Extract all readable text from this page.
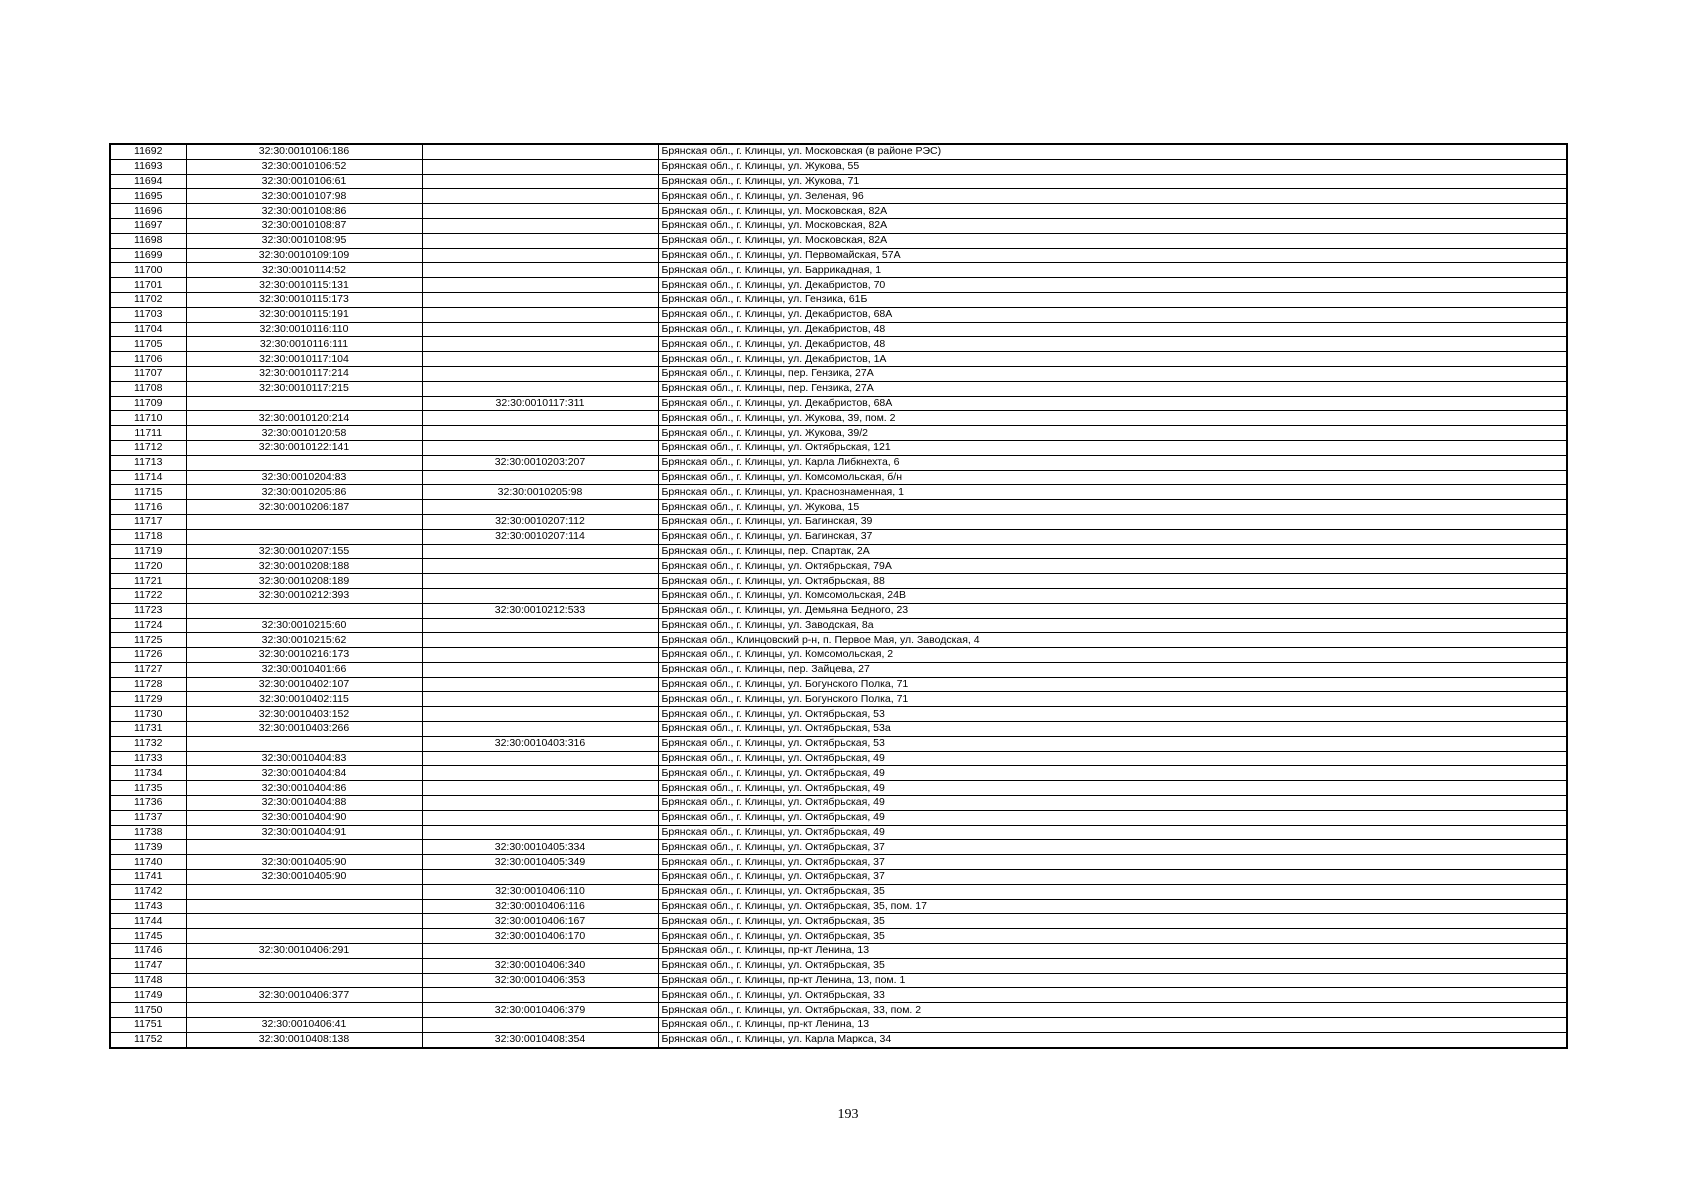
11692	32:30:0010106:186		Брянская обл., г. Клинцы, ул. Московская (в районе РЭС)
11693	32:30:0010106:52		Брянская обл., г. Клинцы, ул. Жукова, 55
11694	32:30:0010106:61		Брянская обл., г. Клинцы, ул. Жукова, 71
11695	32:30:0010107:98		Брянская обл., г. Клинцы, ул. Зеленая, 96
11696	32:30:0010108:86		Брянская обл., г. Клинцы, ул. Московская, 82А
11697	32:30:0010108:87		Брянская обл., г. Клинцы, ул. Московская, 82А
11698	32:30:0010108:95		Брянская обл., г. Клинцы, ул. Московская, 82А
11699	32:30:0010109:109		Брянская обл., г. Клинцы, ул. Первомайская, 57А
11700	32:30:0010114:52		Брянская обл., г. Клинцы, ул. Баррикадная, 1
11701	32:30:0010115:131		Брянская обл., г. Клинцы, ул. Декабристов, 70
11702	32:30:0010115:173		Брянская обл., г. Клинцы, ул. Гензика, 61Б
11703	32:30:0010115:191		Брянская обл., г. Клинцы, ул. Декабристов, 68А
11704	32:30:0010116:110		Брянская обл., г. Клинцы, ул. Декабристов, 48
11705	32:30:0010116:111		Брянская обл., г. Клинцы, ул. Декабристов, 48
11706	32:30:0010117:104		Брянская обл., г. Клинцы, ул. Декабристов, 1А
11707	32:30:0010117:214		Брянская обл., г. Клинцы, пер. Гензика, 27А
11708	32:30:0010117:215		Брянская обл., г. Клинцы, пер. Гензика, 27А
11709		32:30:0010117:311	Брянская обл., г. Клинцы, ул. Декабристов, 68А
11710	32:30:0010120:214		Брянская обл., г. Клинцы, ул. Жукова, 39, пом. 2
11711	32:30:0010120:58		Брянская обл., г. Клинцы, ул. Жукова, 39/2
11712	32:30:0010122:141		Брянская обл., г. Клинцы, ул. Октябрьская, 121
11713		32:30:0010203:207	Брянская обл., г. Клинцы, ул. Карла Либкнехта, 6
11714	32:30:0010204:83		Брянская обл., г. Клинцы, ул. Комсомольская, б/н
11715	32:30:0010205:86	32:30:0010205:98	Брянская обл., г. Клинцы, ул. Краснознаменная, 1
11716	32:30:0010206:187		Брянская обл., г. Клинцы, ул. Жукова, 15
11717		32:30:0010207:112	Брянская обл., г. Клинцы, ул. Багинская, 39
11718		32:30:0010207:114	Брянская обл., г. Клинцы, ул. Багинская, 37
11719	32:30:0010207:155		Брянская обл., г. Клинцы, пер. Спартак, 2А
11720	32:30:0010208:188		Брянская обл., г. Клинцы, ул. Октябрьская, 79А
11721	32:30:0010208:189		Брянская обл., г. Клинцы, ул. Октябрьская, 88
11722	32:30:0010212:393		Брянская обл., г. Клинцы, ул. Комсомольская, 24В
11723		32:30:0010212:533	Брянская обл., г. Клинцы, ул. Демьяна Бедного, 23
11724	32:30:0010215:60		Брянская обл., г. Клинцы, ул. Заводская, 8а
11725	32:30:0010215:62		Брянская обл., Клинцовский р-н, п. Первое Мая, ул. Заводская, 4
11726	32:30:0010216:173		Брянская обл., г. Клинцы, ул. Комсомольская, 2
11727	32:30:0010401:66		Брянская обл., г. Клинцы, пер. Зайцева, 27
11728	32:30:0010402:107		Брянская обл., г. Клинцы, ул. Богунского Полка, 71
11729	32:30:0010402:115		Брянская обл., г. Клинцы, ул. Богунского Полка, 71
11730	32:30:0010403:152		Брянская обл., г. Клинцы, ул. Октябрьская, 53
11731	32:30:0010403:266		Брянская обл., г. Клинцы, ул. Октябрьская, 53а
11732		32:30:0010403:316	Брянская обл., г. Клинцы, ул. Октябрьская, 53
11733	32:30:0010404:83		Брянская обл., г. Клинцы, ул. Октябрьская, 49
11734	32:30:0010404:84		Брянская обл., г. Клинцы, ул. Октябрьская, 49
11735	32:30:0010404:86		Брянская обл., г. Клинцы, ул. Октябрьская, 49
11736	32:30:0010404:88		Брянская обл., г. Клинцы, ул. Октябрьская, 49
11737	32:30:0010404:90		Брянская обл., г. Клинцы, ул. Октябрьская, 49
11738	32:30:0010404:91		Брянская обл., г. Клинцы, ул. Октябрьская, 49
11739		32:30:0010405:334	Брянская обл., г. Клинцы, ул. Октябрьская, 37
11740	32:30:0010405:90	32:30:0010405:349	Брянская обл., г. Клинцы, ул. Октябрьская, 37
11741	32:30:0010405:90		Брянская обл., г. Клинцы, ул. Октябрьская, 37
11742		32:30:0010406:110	Брянская обл., г. Клинцы, ул. Октябрьская, 35
11743		32:30:0010406:116	Брянская обл., г. Клинцы, ул. Октябрьская, 35, пом. 17
11744		32:30:0010406:167	Брянская обл., г. Клинцы, ул. Октябрьская, 35
11745		32:30:0010406:170	Брянская обл., г. Клинцы, ул. Октябрьская, 35
11746	32:30:0010406:291		Брянская обл., г. Клинцы, пр-кт Ленина, 13
11747		32:30:0010406:340	Брянская обл., г. Клинцы, ул. Октябрьская, 35
11748		32:30:0010406:353	Брянская обл., г. Клинцы, пр-кт Ленина, 13, пом. 1
11749	32:30:0010406:377		Брянская обл., г. Клинцы, ул. Октябрьская, 33
11750		32:30:0010406:379	Брянская обл., г. Клинцы, ул. Октябрьская, 33, пом. 2
11751	32:30:0010406:41		Брянская обл., г. Клинцы, пр-кт Ленина, 13
11752	32:30:0010408:138	32:30:0010408:354	Брянская обл., г. Клинцы, ул. Карла Маркса, 34
193
